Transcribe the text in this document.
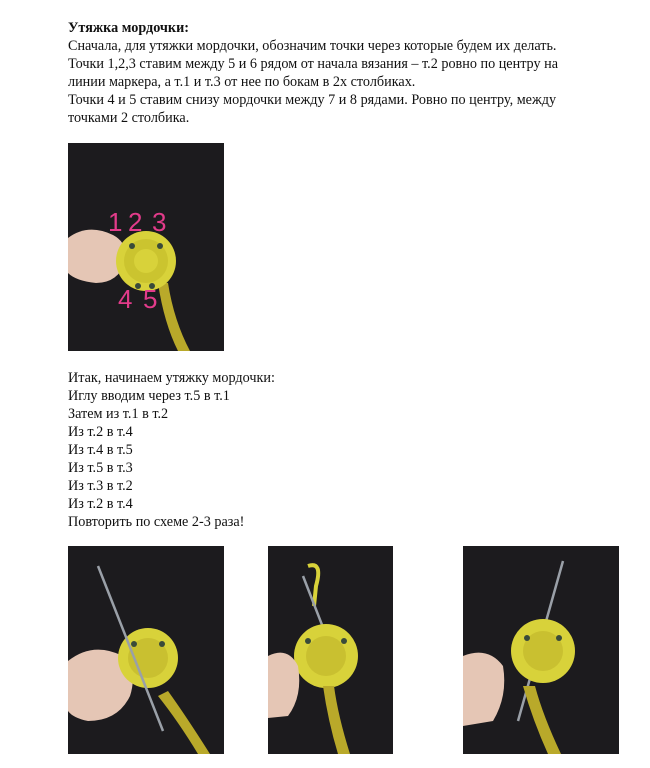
Утяжка мордочки:

Сначала, для утяжки мордочки, обозначим точки через которые будем их делать.

Точки 1,2,3 ставим между 5 и 6 рядом от начала вязания – т.2 ровно по центру на

линии маркера, а т.1 и т.3 от нее по бокам в 2х столбиках.

Точки 4 и 5 ставим снизу мордочки между 7 и 8 рядами. Ровно по центру, между

точками 2 столбика.

1 2 3
4 5

Итак, начинаем утяжку мордочки:

Иглу вводим через т.5 в т.1

Затем из т.1 в т.2

Из т.2 в т.4

Из т.4 в т.5

Из т.5 в т.3

Из т.3 в т.2

Из т.2 в т.4

Повторить по схеме 2-3 раза!
